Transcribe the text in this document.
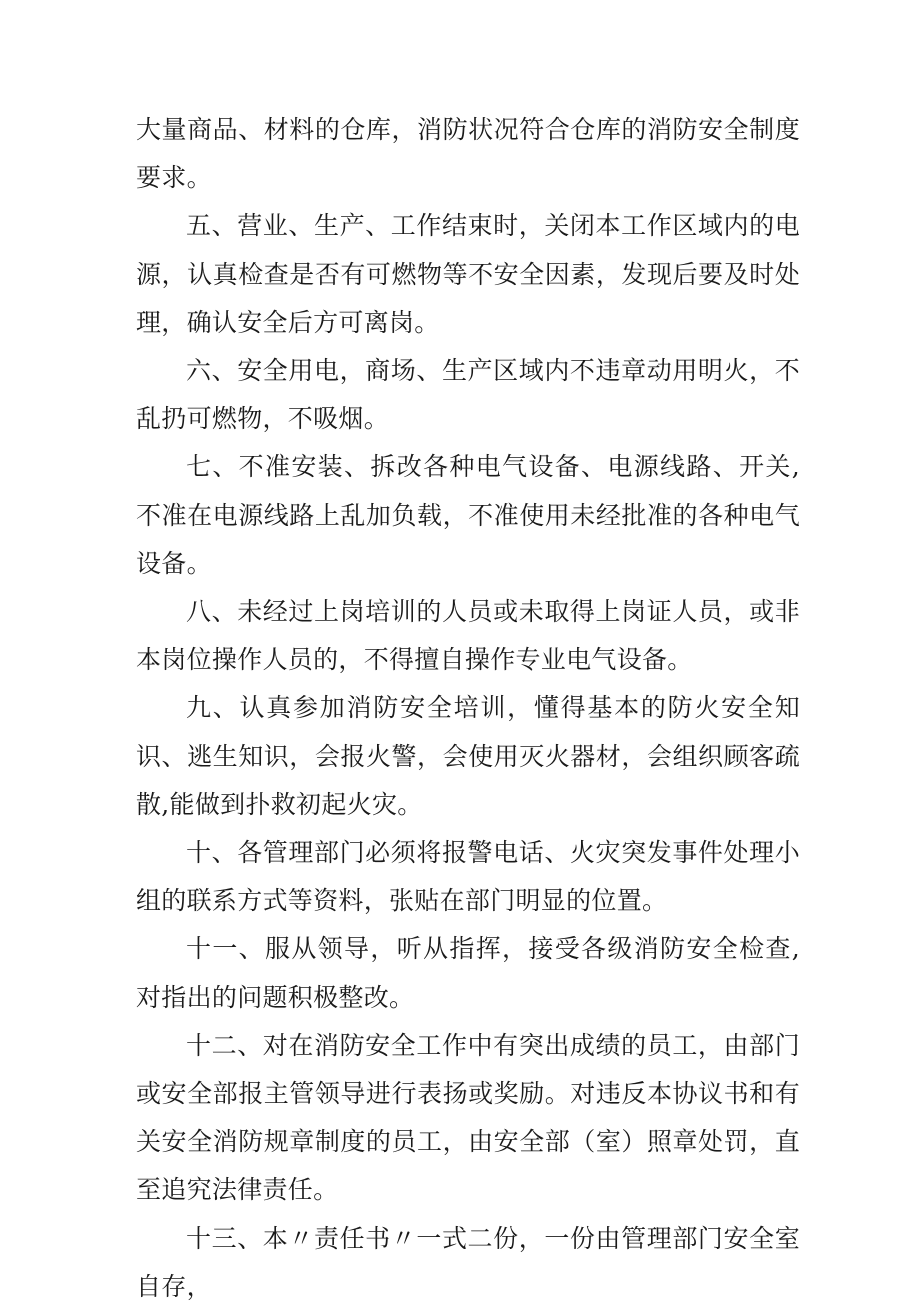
大量商品、材料的仓库，消防状况符合仓库的消防安全制度要求。

五、营业、生产、工作结束时，关闭本工作区域内的电源，认真检查是否有可燃物等不安全因素，发现后要及时处理，确认安全后方可离岗。

六、安全用电，商场、生产区域内不违章动用明火，不乱扔可燃物，不吸烟。

七、不准安装、拆改各种电气设备、电源线路、开关,不准在电源线路上乱加负载，不准使用未经批准的各种电气设备。

八、未经过上岗培训的人员或未取得上岗证人员，或非本岗位操作人员的，不得擅自操作专业电气设备。

九、认真参加消防安全培训，懂得基本的防火安全知识、逃生知识，会报火警，会使用灭火器材，会组织顾客疏散,能做到扑救初起火灾。

十、各管理部门必须将报警电话、火灾突发事件处理小组的联系方式等资料，张贴在部门明显的位置。

十一、服从领导，听从指挥，接受各级消防安全检查,对指出的问题积极整改。

十二、对在消防安全工作中有突出成绩的员工，由部门或安全部报主管领导进行表扬或奖励。对违反本协议书和有关安全消防规章制度的员工，由安全部（室）照章处罚，直至追究法律责任。

十三、本〃责任书〃一式二份，一份由管理部门安全室自存，
